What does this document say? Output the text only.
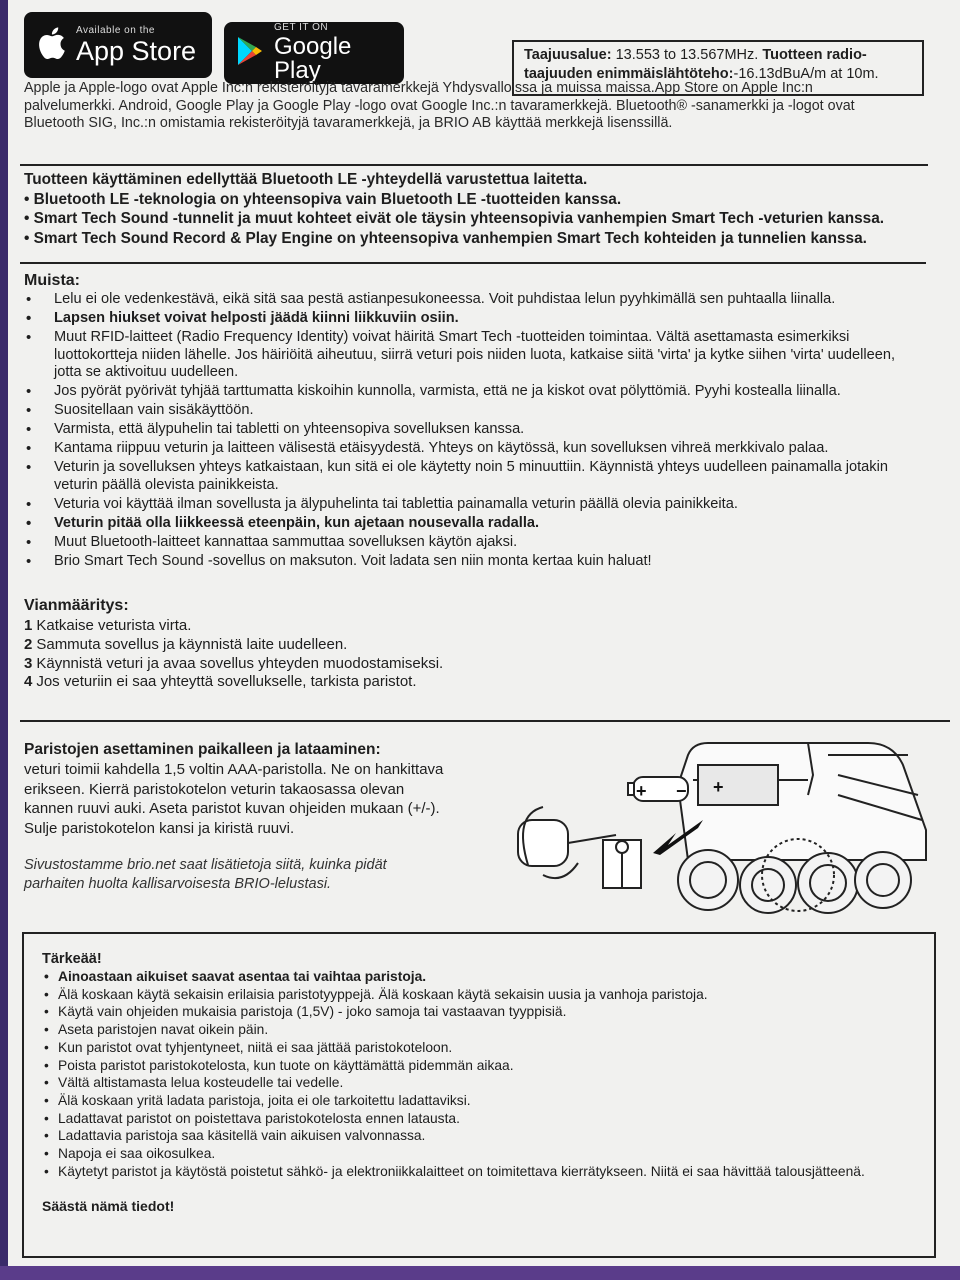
Available on the
App Store
GET IT ON
Google Play
Taajuusalue: 13.553 to 13.567MHz. Tuotteen radio-taajuuden enimmäislähtöteho:-16.13dBuA/m at 10m.
Apple ja Apple-logo ovat Apple Inc:n rekisteröityjä tavaramerkkejä Yhdysvalloissa ja muissa maissa.App Store on Apple Inc:n
palvelumerkki. Android, Google Play ja Google Play -logo ovat Google Inc.:n tavaramerkkejä. Bluetooth® -sanamerkki ja -logot ovat
Bluetooth SIG, Inc.:n omistamia rekisteröityjä tavaramerkkejä, ja BRIO AB käyttää merkkejä lisenssillä.
Tuotteen käyttäminen edellyttää Bluetooth LE -yhteydellä varustettua laitetta.
• Bluetooth LE -teknologia on yhteensopiva vain Bluetooth LE -tuotteiden kanssa.
• Smart Tech Sound -tunnelit ja muut kohteet eivät ole täysin yhteensopivia vanhempien Smart Tech -veturien kanssa.
• Smart Tech Sound Record & Play Engine on yhteensopiva vanhempien Smart Tech kohteiden ja tunnelien kanssa.
Muista:
• Lelu ei ole vedenkestävä, eikä sitä saa pestä astianpesukoneessa. Voit puhdistaa lelun pyyhkimällä sen puhtaalla liinalla.
• Lapsen hiukset voivat helposti jäädä kiinni liikkuviin osiin.
• Muut RFID-laitteet (Radio Frequency Identity) voivat häiritä Smart Tech -tuotteiden toimintaa. Vältä asettamasta esimerkiksi luottokortteja niiden lähelle. Jos häiriöitä aiheutuu, siirrä veturi pois niiden luota, katkaise siitä 'virta' ja kytke siihen 'virta' uudelleen, jotta se aktivoituu uudelleen.
• Jos pyörät pyörivät tyhjää tarttumatta kiskoihin kunnolla, varmista, että ne ja kiskot ovat pölyttömiä. Pyyhi kostealla liinalla.
• Suositellaan vain sisäkäyttöön.
• Varmista, että älypuhelin tai tabletti on yhteensopiva sovelluksen kanssa.
• Kantama riippuu veturin ja laitteen välisestä etäisyydestä. Yhteys on käytössä, kun sovelluksen vihreä merkkivalo palaa.
• Veturin ja sovelluksen yhteys katkaistaan, kun sitä ei ole käytetty noin 5 minuuttiin. Käynnistä yhteys uudelleen painamalla jotakin veturin päällä olevista painikkeista.
• Veturia voi käyttää ilman sovellusta ja älypuhelinta tai tablettia painamalla veturin päällä olevia painikkeita.
• Veturin pitää olla liikkeessä eteenpäin, kun ajetaan nousevalla radalla.
• Muut Bluetooth-laitteet kannattaa sammuttaa sovelluksen käytön ajaksi.
• Brio Smart Tech Sound -sovellus on maksuton. Voit ladata sen niin monta kertaa kuin haluat!
Vianmääritys:
1 Katkaise veturista virta.
2 Sammuta sovellus ja käynnistä laite uudelleen.
3 Käynnistä veturi ja avaa sovellus yhteyden muodostamiseksi.
4 Jos veturiin ei saa yhteyttä sovellukselle, tarkista paristot.
Paristojen asettaminen paikalleen ja lataaminen:

veturi toimii kahdella 1,5 voltin AAA-paristolla. Ne on hankittava erikseen. Kierrä paristokotelon veturin takaosassa olevan kannen ruuvi auki. Aseta paristot kuvan ohjeiden mukaan (+/-). Sulje paristokotelon kansi ja kiristä ruuvi.

Sivustostamme brio.net saat lisätietoja siitä, kuinka pidät parhaiten huolta kallisarvoisesta BRIO-lelustasi.

+ − +
Tärkeää!
• Ainoastaan aikuiset saavat asentaa tai vaihtaa paristoja.
• Älä koskaan käytä sekaisin erilaisia paristotyyppejä. Älä koskaan käytä sekaisin uusia ja vanhoja paristoja.
• Käytä vain ohjeiden mukaisia paristoja (1,5V) - joko samoja tai vastaavan tyyppisiä.
• Aseta paristojen navat oikein päin.
• Kun paristot ovat tyhjentyneet, niitä ei saa jättää paristokoteloon.
• Poista paristot paristokotelosta, kun tuote on käyttämättä pidemmän aikaa.
• Vältä altistamasta lelua kosteudelle tai vedelle.
• Älä koskaan yritä ladata paristoja, joita ei ole tarkoitettu ladattaviksi.
• Ladattavat paristot on poistettava paristokotelosta ennen latausta.
• Ladattavia paristoja saa käsitellä vain aikuisen valvonnassa.
• Napoja ei saa oikosulkea.
• Käytetyt paristot ja käytöstä poistetut sähkö- ja elektroniikkalaitteet on toimitettava kierrätykseen. Niitä ei saa hävittää talousjätteenä.
Säästä nämä tiedot!
